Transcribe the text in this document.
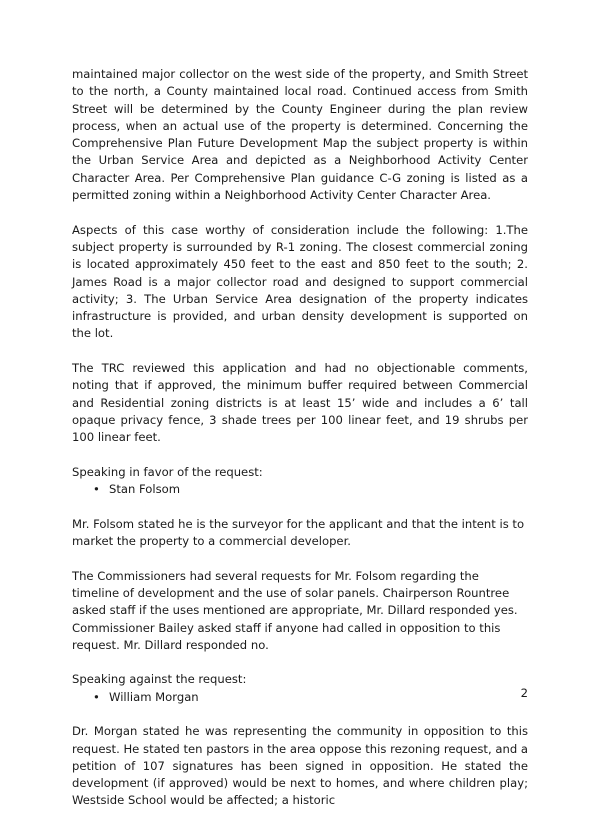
maintained major collector on the west side of the property, and Smith Street to the north, a County maintained local road. Continued access from Smith Street will be determined by the County Engineer during the plan review process, when an actual use of the property is determined. Concerning the Comprehensive Plan Future Development Map the subject property is within the Urban Service Area and depicted as a Neighborhood Activity Center Character Area. Per Comprehensive Plan guidance C-G zoning is listed as a permitted zoning within a Neighborhood Activity Center Character Area.

Aspects of this case worthy of consideration include the following: 1.The subject property is surrounded by R-1 zoning. The closest commercial zoning is located approximately 450 feet to the east and 850 feet to the south; 2. James Road is a major collector road and designed to support commercial activity; 3. The Urban Service Area designation of the property indicates infrastructure is provided, and urban density development is supported on the lot.

The TRC reviewed this application and had no objectionable comments, noting that if approved, the minimum buffer required between Commercial and Residential zoning districts is at least 15’ wide and includes a 6’ tall opaque privacy fence, 3 shade trees per 100 linear feet, and 19 shrubs per 100 linear feet.

Speaking in favor of the request:

• Stan Folsom

Mr. Folsom stated he is the surveyor for the applicant and that the intent is to market the property to a commercial developer.

The Commissioners had several requests for Mr. Folsom regarding the timeline of development and the use of solar panels. Chairperson Rountree asked staff if the uses mentioned are appropriate, Mr. Dillard responded yes. Commissioner Bailey asked staff if anyone had called in opposition to this request. Mr. Dillard responded no.

Speaking against the request:

• William Morgan

Dr. Morgan stated he was representing the community in opposition to this request. He stated ten pastors in the area oppose this rezoning request, and a petition of 107 signatures has been signed in opposition. He stated the development (if approved) would be next to homes, and where children play; Westside School would be affected; a historic

2
